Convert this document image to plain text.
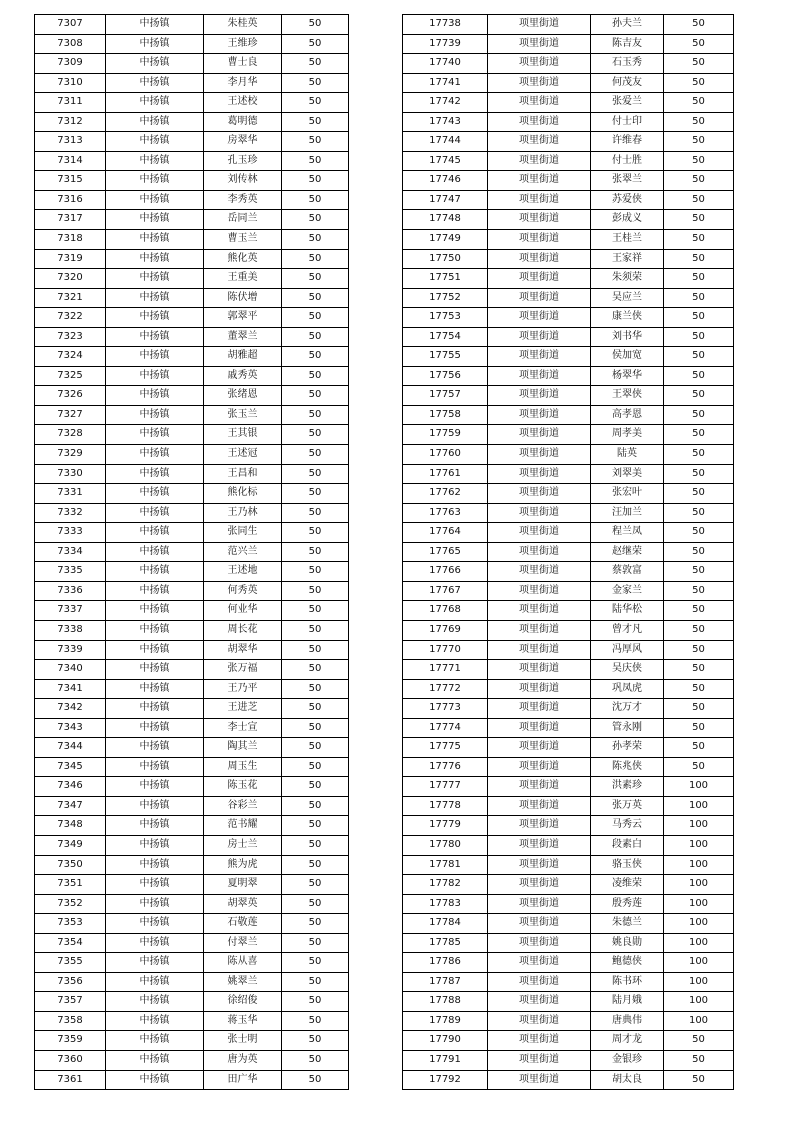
7307	中扬镇	朱桂英	50
7308	中扬镇	王维珍	50
7309	中扬镇	曹士良	50
7310	中扬镇	李月华	50
7311	中扬镇	王述校	50
7312	中扬镇	葛明德	50
7313	中扬镇	房翠华	50
7314	中扬镇	孔玉珍	50
7315	中扬镇	刘传林	50
7316	中扬镇	李秀英	50
7317	中扬镇	岳同兰	50
7318	中扬镇	曹玉兰	50
7319	中扬镇	熊化英	50
7320	中扬镇	王重美	50
7321	中扬镇	陈伏增	50
7322	中扬镇	郭翠平	50
7323	中扬镇	董翠兰	50
7324	中扬镇	胡雅超	50
7325	中扬镇	戚秀英	50
7326	中扬镇	张绪恩	50
7327	中扬镇	张玉兰	50
7328	中扬镇	王其银	50
7329	中扬镇	王述冠	50
7330	中扬镇	王昌和	50
7331	中扬镇	熊化标	50
7332	中扬镇	王乃林	50
7333	中扬镇	张同生	50
7334	中扬镇	范兴兰	50
7335	中扬镇	王述地	50
7336	中扬镇	何秀英	50
7337	中扬镇	何业华	50
7338	中扬镇	周长花	50
7339	中扬镇	胡翠华	50
7340	中扬镇	张万福	50
7341	中扬镇	王乃平	50
7342	中扬镇	王进芝	50
7343	中扬镇	李士宣	50
7344	中扬镇	陶其兰	50
7345	中扬镇	周玉生	50
7346	中扬镇	陈玉花	50
7347	中扬镇	谷彩兰	50
7348	中扬镇	范书耀	50
7349	中扬镇	房士兰	50
7350	中扬镇	熊为虎	50
7351	中扬镇	夏明翠	50
7352	中扬镇	胡翠英	50
7353	中扬镇	石敬莲	50
7354	中扬镇	付翠兰	50
7355	中扬镇	陈从喜	50
7356	中扬镇	姚翠兰	50
7357	中扬镇	徐绍俊	50
7358	中扬镇	蒋玉华	50
7359	中扬镇	张士明	50
7360	中扬镇	唐为英	50
7361	中扬镇	田广华	50
17738	项里街道	孙夫兰	50
17739	项里街道	陈吉友	50
17740	项里街道	石玉秀	50
17741	项里街道	何茂友	50
17742	项里街道	张爱兰	50
17743	项里街道	付士印	50
17744	项里街道	许维春	50
17745	项里街道	付士胜	50
17746	项里街道	张翠兰	50
17747	项里街道	苏爱侠	50
17748	项里街道	彭成义	50
17749	项里街道	王桂兰	50
17750	项里街道	王家祥	50
17751	项里街道	朱须荣	50
17752	项里街道	吴应兰	50
17753	项里街道	康兰侠	50
17754	项里街道	刘书华	50
17755	项里街道	侯加宽	50
17756	项里街道	杨翠华	50
17757	项里街道	王翠侠	50
17758	项里街道	高孝恩	50
17759	项里街道	周孝美	50
17760	项里街道	陆英	50
17761	项里街道	刘翠美	50
17762	项里街道	张宏叶	50
17763	项里街道	汪加兰	50
17764	项里街道	程兰凤	50
17765	项里街道	赵继荣	50
17766	项里街道	蔡敦富	50
17767	项里街道	金家兰	50
17768	项里街道	陆华松	50
17769	项里街道	曾才凡	50
17770	项里街道	冯厚风	50
17771	项里街道	吴庆侠	50
17772	项里街道	巩凤虎	50
17773	项里街道	沈万才	50
17774	项里街道	管永刚	50
17775	项里街道	孙孝荣	50
17776	项里街道	陈兆侠	50
17777	项里街道	洪素珍	100
17778	项里街道	张万英	100
17779	项里街道	马秀云	100
17780	项里街道	段素白	100
17781	项里街道	骆玉侠	100
17782	项里街道	凌维荣	100
17783	项里街道	殷秀莲	100
17784	项里街道	朱德兰	100
17785	项里街道	姚良勋	100
17786	项里街道	鲍德侠	100
17787	项里街道	陈书环	100
17788	项里街道	陆月娥	100
17789	项里街道	唐典伟	100
17790	项里街道	周才龙	50
17791	项里街道	金银珍	50
17792	项里街道	胡太良	50
